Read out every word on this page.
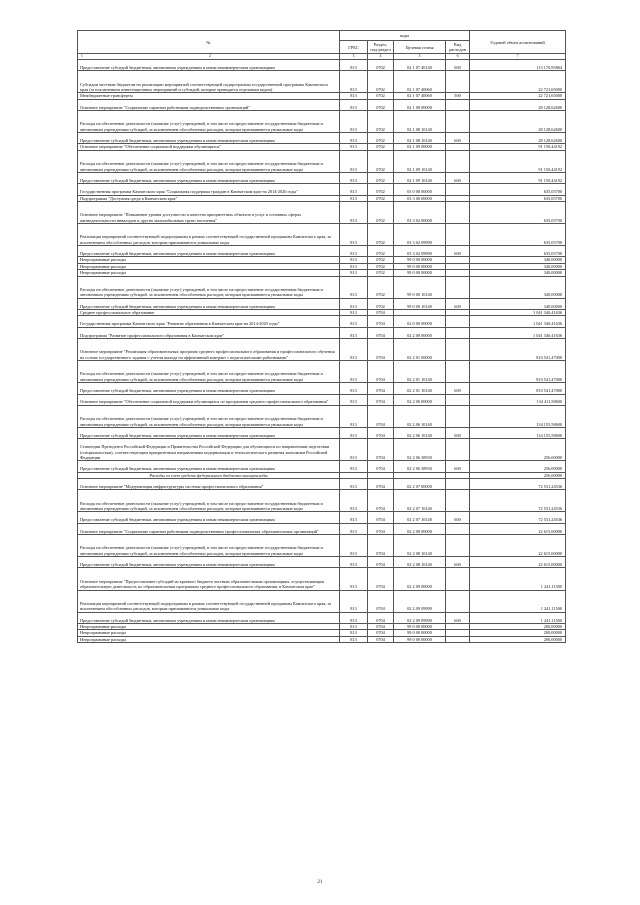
№	коды				Годовой объем ассигнований
	ГРБС	Раздел, под-раздел	Целевая статья	Вид расходов	
1 2	3	4	5	6	7
Предоставление субсидий бюджетным, автономным учреждениям и иным некоммерческим организациям	813	0702	02 1 07 40140	600	113 170,95864
Субсидии местным бюджетам на реализацию мероприятий соответствующей подпрограммы государственной программы Камчатского края (за исключением инвестиционных мероприятий и субсидий, которые приводятся отдельным кодом)	813	0702	02 1 07 40060		22 721,65000
Межбюджетные трансферты	813	0702	02 1 07 40060	500	22 721,65000
Основное мероприятие "Социальные гарантии работникам подведомственных организаций"	813	0702	02 1 08 00000		28 128,62600
Расходы на обеспечение деятельности (оказание услуг) учреждений, в том числе на предоставление государственным бюджетным и автономным учреждениям субсидий, за исключением обособленных расходов, которым присваиваются уникальные коды	813	0702	02 1 08 10140		28 128,62600
Предоставление субсидий бюджетным, автономным учреждениям и иным некоммерческим организациям	813	0702	02 1 08 10140	600	28 128,62600
Основное мероприятие "Обеспечение социальной поддержки обучающихся"	813	0702	02 1 09 00000		91 150,44192
Расходы на обеспечение деятельности (оказание услуг) учреждений, в том числе на предоставление государственным бюджетным и автономным учреждениям субсидий, за исключением обособленных расходов, которым присваиваются уникальные коды	813	0702	02 1 09 10140		91 150,44192
Предоставление субсидий бюджетным, автономным учреждениям и иным некоммерческим организациям	813	0702	02 1 09 10140	600	91 150,44192
Государственная программа Камчатского края "Социальная поддержка граждан в Камчатском крае на 2014-2020 годы"	813	0702	03 0 00 00000		635,05700
Подпрограмма "Доступная среда в Камчатском крае"	813	0702	03 3 00 00000		635,05700
Основное мероприятие "Повышение уровня доступности и качества приоритетных объектов и услуг в основных сферах жизнедеятельности инвалидов и других маломобильных групп населения"	813	0702	03 3 02 00000		635,05700
Реализация мероприятий соответствующей подпрограммы в рамках соответствующей государственной программы Камчатского края, за исключением обособленных расходов, которым присваиваются уникальные коды	813	0702	03 3 02 09990		635,05700
Предоставление субсидий бюджетным, автономным учреждениям и иным некоммерческим организациям	813	0702	03 3 02 09990	600	635,05700
Непрограммные расходы	813	0702	99 0 00 00000		340,00000
Непрограммные расходы	813	0702	99 0 00 00000		340,00000
Непрограммные расходы	813	0702	99 0 00 00000		340,00000
Расходы на обеспечение деятельности (оказание услуг) учреждений, в том числе на предоставление государственным бюджетным и автономным учреждениям субсидий, за исключением обособленных расходов, которым присваиваются уникальные коды	813	0702	99 0 00 10140		340,00000
Предоставление субсидий бюджетным, автономным учреждениям и иным некоммерческим организациям	813	0702	99 0 00 10140	600	340,00000
Среднее профессиональное образование	813	0704			1 041 340,41636
Государственная программа Камчатского края "Развитие образования в Камчатском крае на 2014-2020 годы"	813	0704	02 0 00 00000		1 041 340,41636
Подпрограмма "Развитие профессионального образования в Камчатском крае"	813	0704	02 2 00 00000		1 041 340,41636
Основное мероприятие "Реализация образовательных программ среднего профессионального образования и профессионального обучения на основе государственного задания с учетом выхода на эффективный контракт с педагогическими работниками"	813	0704	02 2 01 00000		810 541,47000
Расходы на обеспечение деятельности (оказание услуг) учреждений, в том числе на предоставление государственным бюджетным и автономным учреждениям субсидий, за исключением обособленных расходов, которым присваиваются уникальные коды	813	0704	02 2 01 10140		810 541,47000
Предоставление субсидий бюджетным, автономным учреждениям и иным некоммерческим организациям	813	0704	02 2 01 10140	600	810 541,47000
Основное мероприятие "Обеспечение социальной поддержки обучающихся по программам среднего профессионального образования"	813	0704	02 2 06 00000		134 411,58600
Расходы на обеспечение деятельности (оказание услуг) учреждений, в том числе на предоставление государственным бюджетным и автономным учреждениям субсидий, за исключением обособленных расходов, которым присваиваются уникальные коды	813	0704	02 2 06 10140		134 155,58600
Предоставление субсидий бюджетным, автономным учреждениям и иным некоммерческим организациям	813	0704	02 2 06 10140	600	134 155,58600
Стипендии Президента Российской Федерации и Правительства Российской Федерации для обучающихся по направлениям подготовки (специальностям), соответствующим приоритетным направлениям модернизации и технологического развития экономики Российской Федерации	813	0704	02 2 06 38930		256,00000
Предоставление субсидий бюджетным, автономным учреждениям и иным некоммерческим организациям	813	0704	02 2 06 38930	600	256,00000
Расходы за счет средств федерального бюджета вышерасходы					256,00000
Основное мероприятие "Модернизация инфраструктуры системы профессионального образования"	813	0704	02 2 07 00000		72 531,24536
Расходы на обеспечение деятельности (оказание услуг) учреждений, в том числе на предоставление государственным бюджетным и автономным учреждениям субсидий, за исключением обособленных расходов, которым присваиваются уникальные коды	813	0704	02 2 07 10140		72 531,24536
Предоставление субсидий бюджетным, автономным учреждениям и иным некоммерческим организациям	813	0704	02 2 07 10140	600	72 531,24536
Основное мероприятие "Социальные гарантии работникам подведомственных профессиональных образовательных организаций"	813	0704	02 2 08 00000		22 615,00000
Расходы на обеспечение деятельности (оказание услуг) учреждений, в том числе на предоставление государственным бюджетным и автономным учреждениям субсидий, за исключением обособленных расходов, которым присваиваются уникальные коды	813	0704	02 2 08 10140		22 615,00000
Предоставление субсидий бюджетным, автономным учреждениям и иным некоммерческим организациям	813	0704	02 2 08 10140	600	22 615,00000
Основное мероприятие "Предоставление субсидий из краевого бюджета частным образовательным организациям, осуществляющим образовательную деятельность по образовательным программам среднего профессионального образования, в Камчатском крае"	813	0704	02 2 09 00000		1 241,11500
Реализация мероприятий соответствующей подпрограммы в рамках соответствующей государственной программы Камчатского края, за исключением обособленных расходов, которым присваиваются уникальные коды	813	0704	02 2 09 09990		1 241,11500
Предоставление субсидий бюджетным, автономным учреждениям и иным некоммерческим организациям	813	0704	02 2 09 09990	600	1 241,11500
Непрограммные расходы	813	0704	99 0 00 00000		200,00000
Непрограммные расходы	813	0704	99 0 00 00000		200,00000
Непрограммные расходы	813	0704	99 0 00 00000		200,00000
21
